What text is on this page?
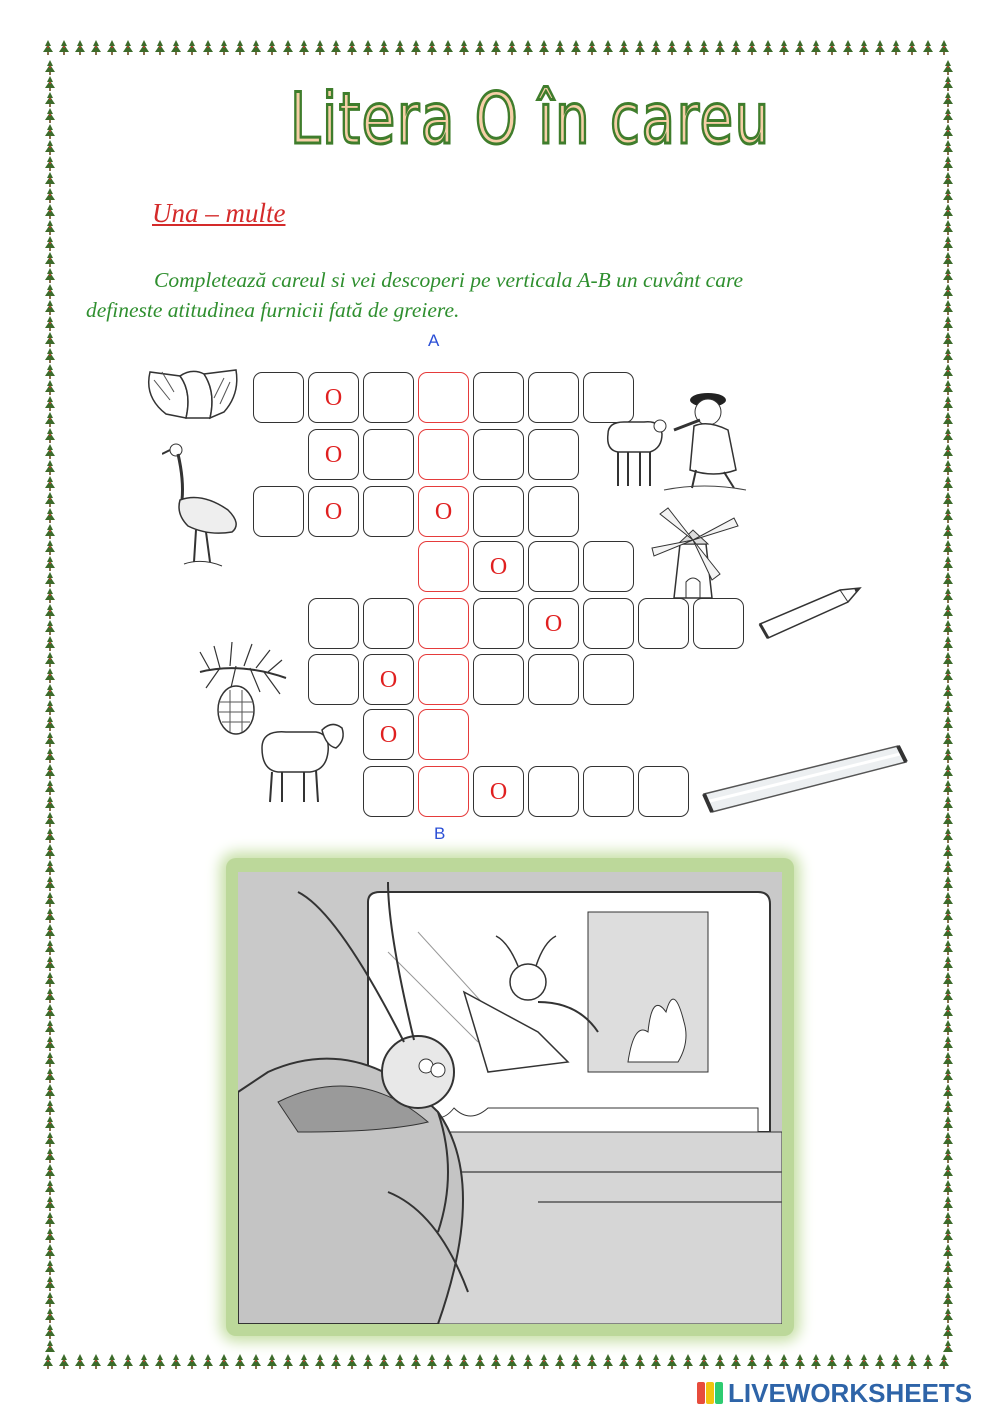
Litera O în careu
Una – multe
Completează careul si vei descoperi pe verticala A-B un cuvânt care
defineste atitudinea furnicii fată de greiere.
A
B
O
O
O	O
O
O
O
O
O
LIVEWORKSHEETS
